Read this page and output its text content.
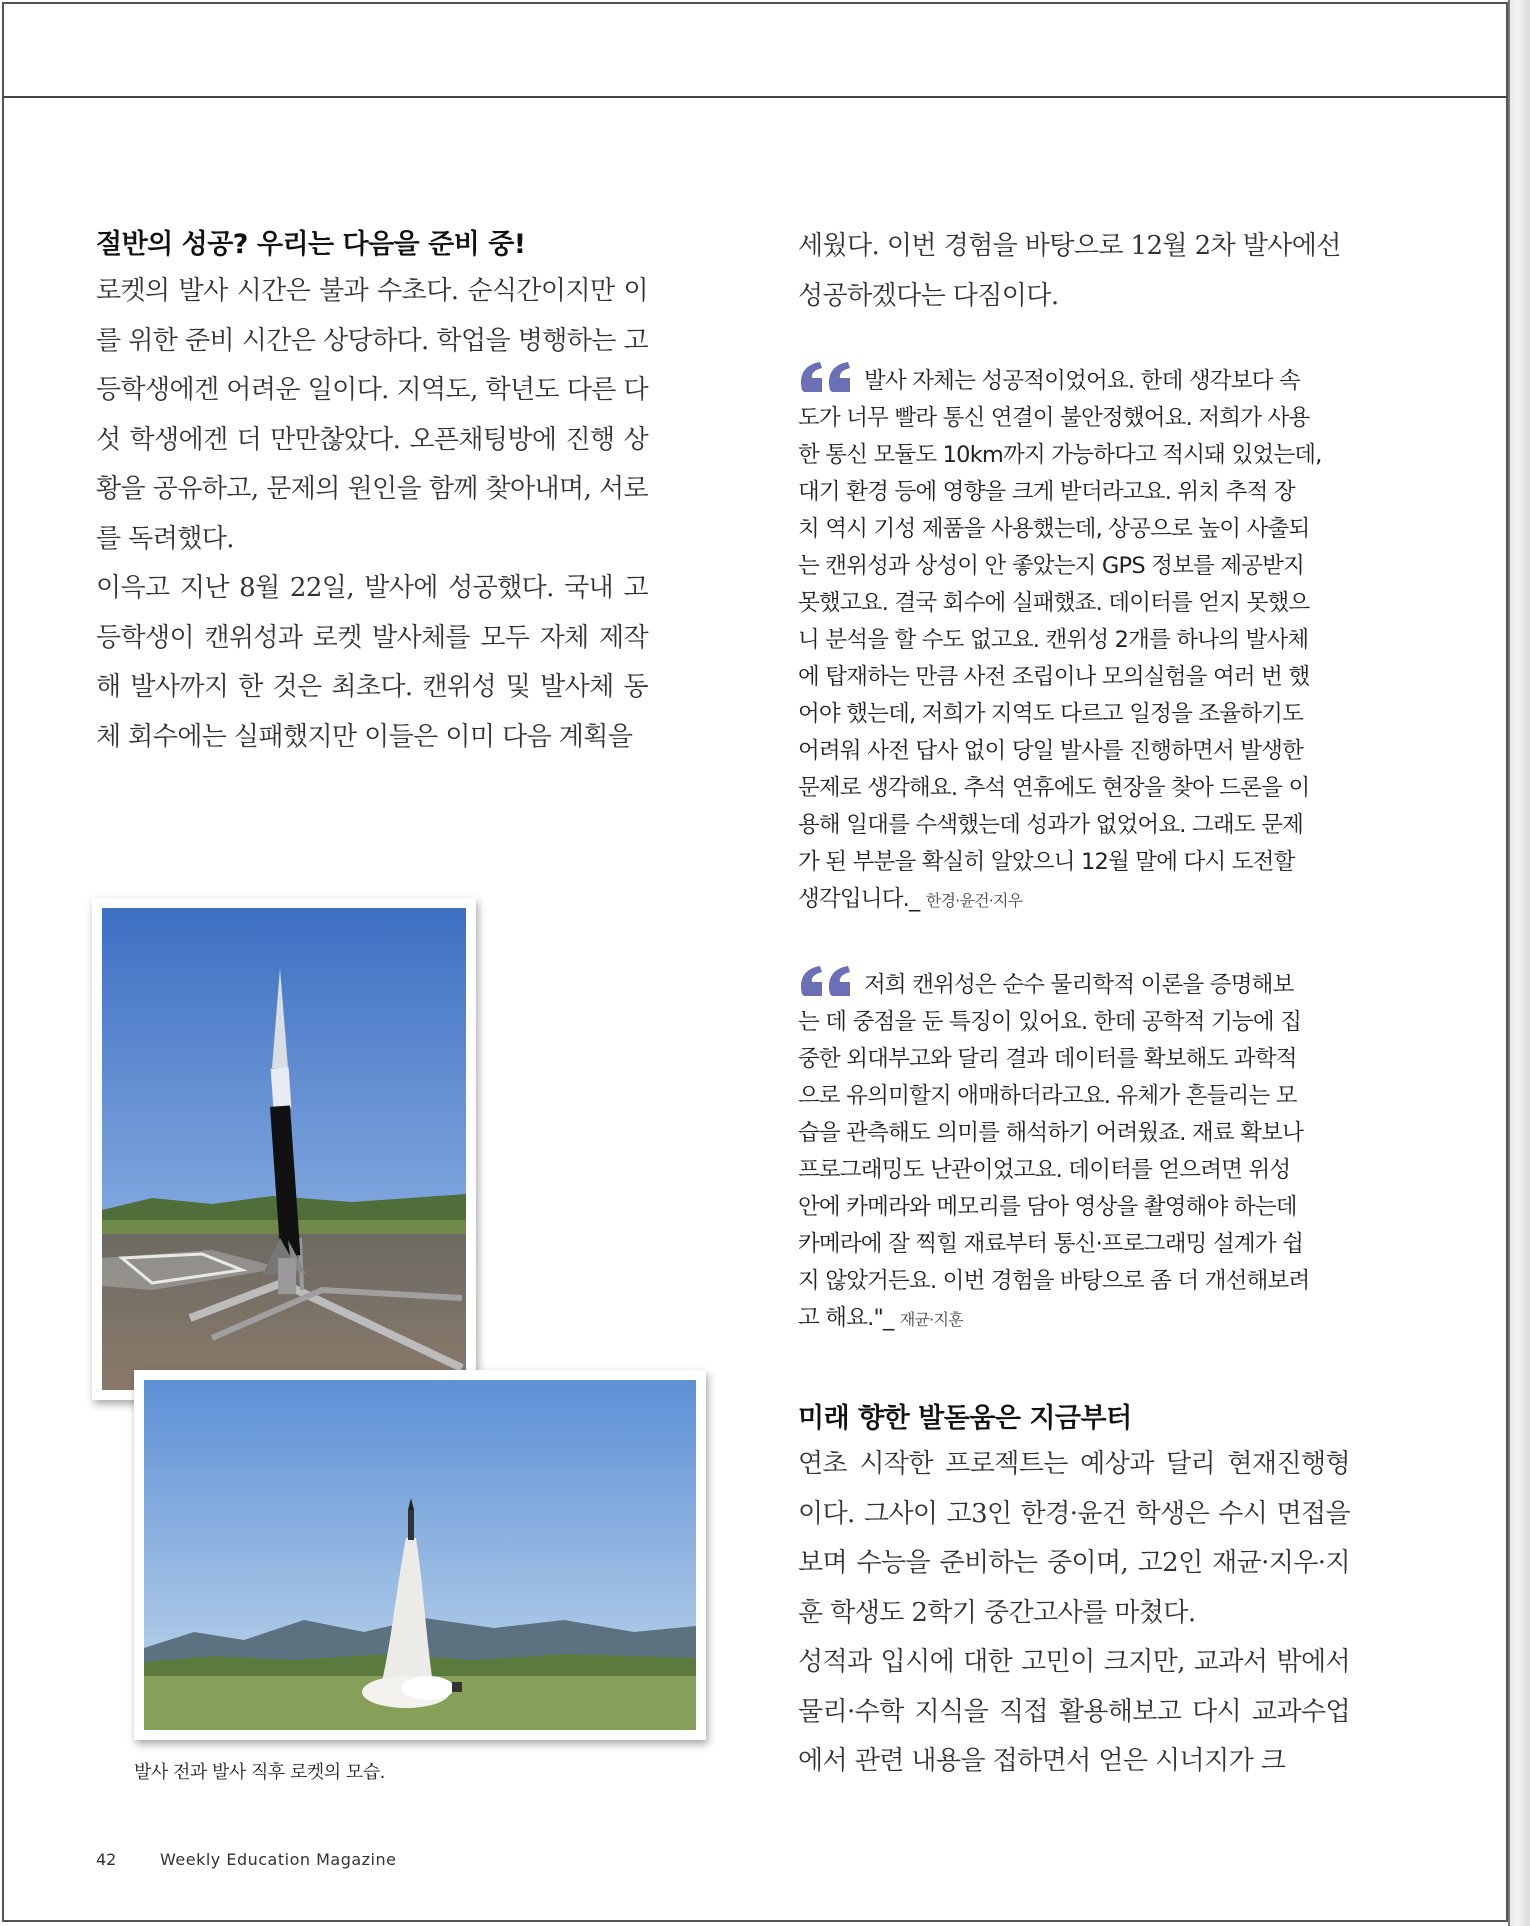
절반의 성공? 우리는 다음을 준비 중!

로켓의 발사 시간은 불과 수초다. 순식간이지만 이를 위한 준비 시간은 상당하다. 학업을 병행하는 고등학생에겐 어려운 일이다. 지역도, 학년도 다른 다섯 학생에겐 더 만만찮았다. 오픈채팅방에 진행 상황을 공유하고, 문제의 원인을 함께 찾아내며, 서로를 독려했다.

이윽고 지난 8월 22일, 발사에 성공했다. 국내 고등학생이 캔위성과 로켓 발사체를 모두 자체 제작해 발사까지 한 것은 최초다. 캔위성 및 발사체 동체 회수에는 실패했지만 이들은 이미 다음 계획을

발사 전과 발사 직후 로켓의 모습.
세웠다. 이번 경험을 바탕으로 12월 2차 발사에선
성공하겠다는 다짐이다.
발사 자체는 성공적이었어요. 한데 생각보다 속
도가 너무 빨라 통신 연결이 불안정했어요. 저희가 사용
한 통신 모듈도 10km까지 가능하다고 적시돼 있었는데,
대기 환경 등에 영향을 크게 받더라고요. 위치 추적 장
치 역시 기성 제품을 사용했는데, 상공으로 높이 사출되
는 캔위성과 상성이 안 좋았는지 GPS 정보를 제공받지
못했고요. 결국 회수에 실패했죠. 데이터를 얻지 못했으
니 분석을 할 수도 없고요. 캔위성 2개를 하나의 발사체
에 탑재하는 만큼 사전 조립이나 모의실험을 여러 번 했
어야 했는데, 저희가 지역도 다르고 일정을 조율하기도
어려워 사전 답사 없이 당일 발사를 진행하면서 발생한
문제로 생각해요. 추석 연휴에도 현장을 찾아 드론을 이
용해 일대를 수색했는데 성과가 없었어요. 그래도 문제
가 된 부분을 확실히 알았으니 12월 말에 다시 도전할
생각입니다._ 한경·윤건·지우
저희 캔위성은 순수 물리학적 이론을 증명해보
는 데 중점을 둔 특징이 있어요. 한데 공학적 기능에 집
중한 외대부고와 달리 결과 데이터를 확보해도 과학적
으로 유의미할지 애매하더라고요. 유체가 흔들리는 모
습을 관측해도 의미를 해석하기 어려웠죠. 재료 확보나
프로그래밍도 난관이었고요. 데이터를 얻으려면 위성
안에 카메라와 메모리를 담아 영상을 촬영해야 하는데
카메라에 잘 찍힐 재료부터 통신·프로그래밍 설계가 쉽
지 않았거든요. 이번 경험을 바탕으로 좀 더 개선해보려
고 해요."_ 재균·지훈
미래 향한 발돋움은 지금부터

연초 시작한 프로젝트는 예상과 달리 현재진행형이다. 그사이 고3인 한경·윤건 학생은 수시 면접을 보며 수능을 준비하는 중이며, 고2인 재균·지우·지훈 학생도 2학기 중간고사를 마쳤다.

성적과 입시에 대한 고민이 크지만, 교과서 밖에서 물리·수학 지식을 직접 활용해보고 다시 교과수업에서 관련 내용을 접하면서 얻은 시너지가 크

42	Weekly Education Magazine
